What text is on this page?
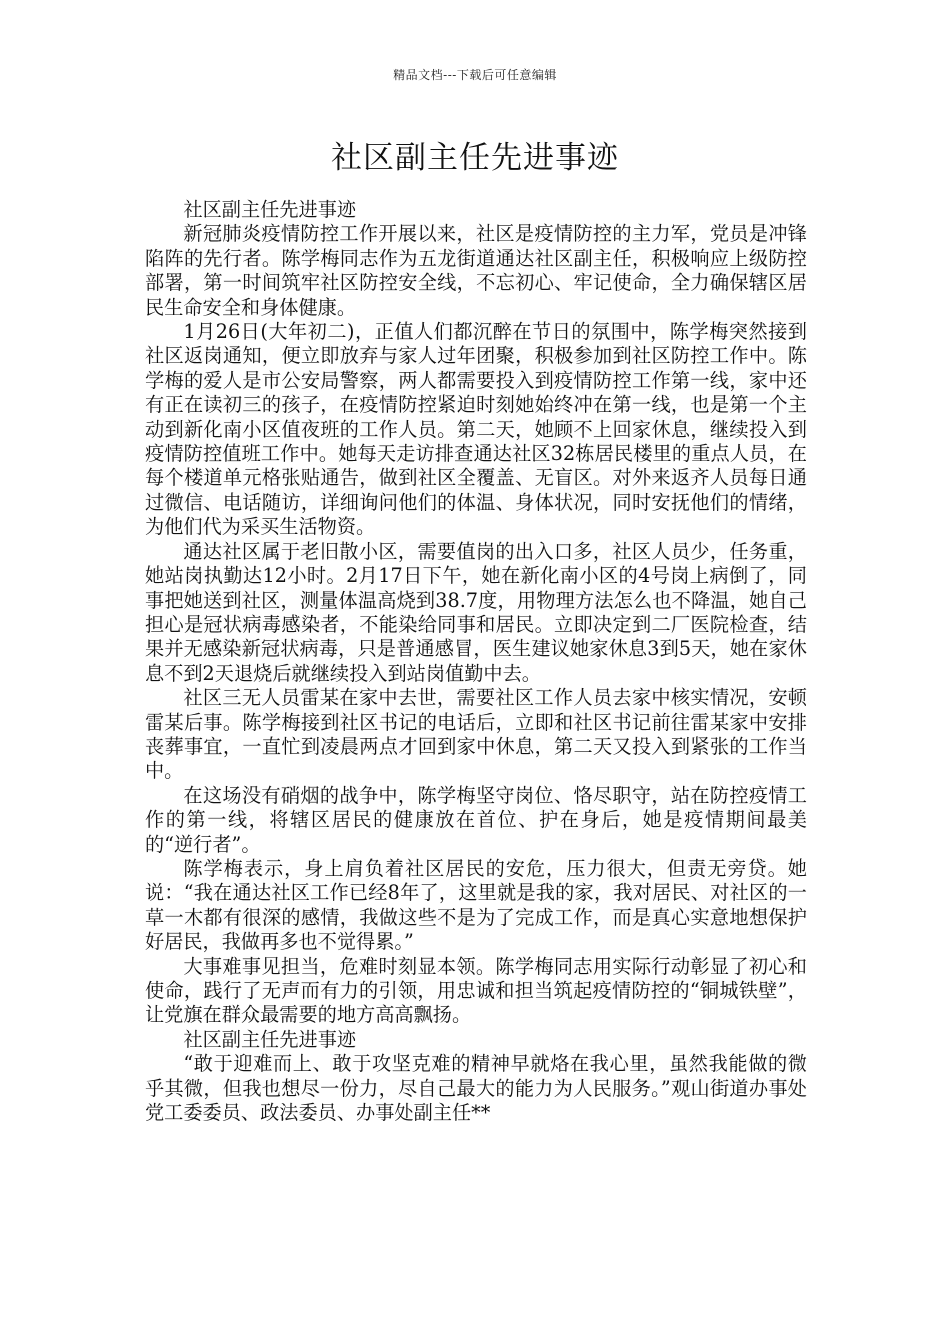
精品文档---下载后可任意编辑
社区副主任先进事迹

社区副主任先进事迹

新冠肺炎疫情防控工作开展以来，社区是疫情防控的主力军，党员是冲锋陷阵的先行者。陈学梅同志作为五龙街道通达社区副主任，积极响应上级防控部署，第一时间筑牢社区防控安全线，不忘初心、牢记使命，全力确保辖区居民生命安全和身体健康。

1月26日(大年初二)，正值人们都沉醉在节日的氛围中，陈学梅突然接到社区返岗通知，便立即放弃与家人过年团聚，积极参加到社区防控工作中。陈学梅的爱人是市公安局警察，两人都需要投入到疫情防控工作第一线，家中还有正在读初三的孩子，在疫情防控紧迫时刻她始终冲在第一线，也是第一个主动到新化南小区值夜班的工作人员。第二天，她顾不上回家休息，继续投入到疫情防控值班工作中。她每天走访排查通达社区32栋居民楼里的重点人员，在每个楼道单元格张贴通告，做到社区全覆盖、无盲区。对外来返齐人员每日通过微信、电话随访，详细询问他们的体温、身体状况，同时安抚他们的情绪，为他们代为采买生活物资。

通达社区属于老旧散小区，需要值岗的出入口多，社区人员少，任务重，她站岗执勤达12小时。2月17日下午，她在新化南小区的4号岗上病倒了，同事把她送到社区，测量体温高烧到38.7度，用物理方法怎么也不降温，她自己担心是冠状病毒感染者，不能染给同事和居民。立即决定到二厂医院检查，结果并无感染新冠状病毒，只是普通感冒，医生建议她家休息3到5天，她在家休息不到2天退烧后就继续投入到站岗值勤中去。

社区三无人员雷某在家中去世，需要社区工作人员去家中核实情况，安顿雷某后事。陈学梅接到社区书记的电话后，立即和社区书记前往雷某家中安排丧葬事宜，一直忙到凌晨两点才回到家中休息，第二天又投入到紧张的工作当中。

在这场没有硝烟的战争中，陈学梅坚守岗位、恪尽职守，站在防控疫情工作的第一线，将辖区居民的健康放在首位、护在身后，她是疫情期间最美的“逆行者”。

陈学梅表示，身上肩负着社区居民的安危，压力很大，但责无旁贷。她说：“我在通达社区工作已经8年了，这里就是我的家，我对居民、对社区的一草一木都有很深的感情，我做这些不是为了完成工作，而是真心实意地想保护好居民，我做再多也不觉得累。”

大事难事见担当，危难时刻显本领。陈学梅同志用实际行动彰显了初心和使命，践行了无声而有力的引领，用忠诚和担当筑起疫情防控的“铜城铁壁”，让党旗在群众最需要的地方高高飘扬。

社区副主任先进事迹

“敢于迎难而上、敢于攻坚克难的精神早就烙在我心里，虽然我能做的微乎其微，但我也想尽一份力，尽自己最大的能力为人民服务。”观山街道办事处党工委委员、政法委员、办事处副主任**
